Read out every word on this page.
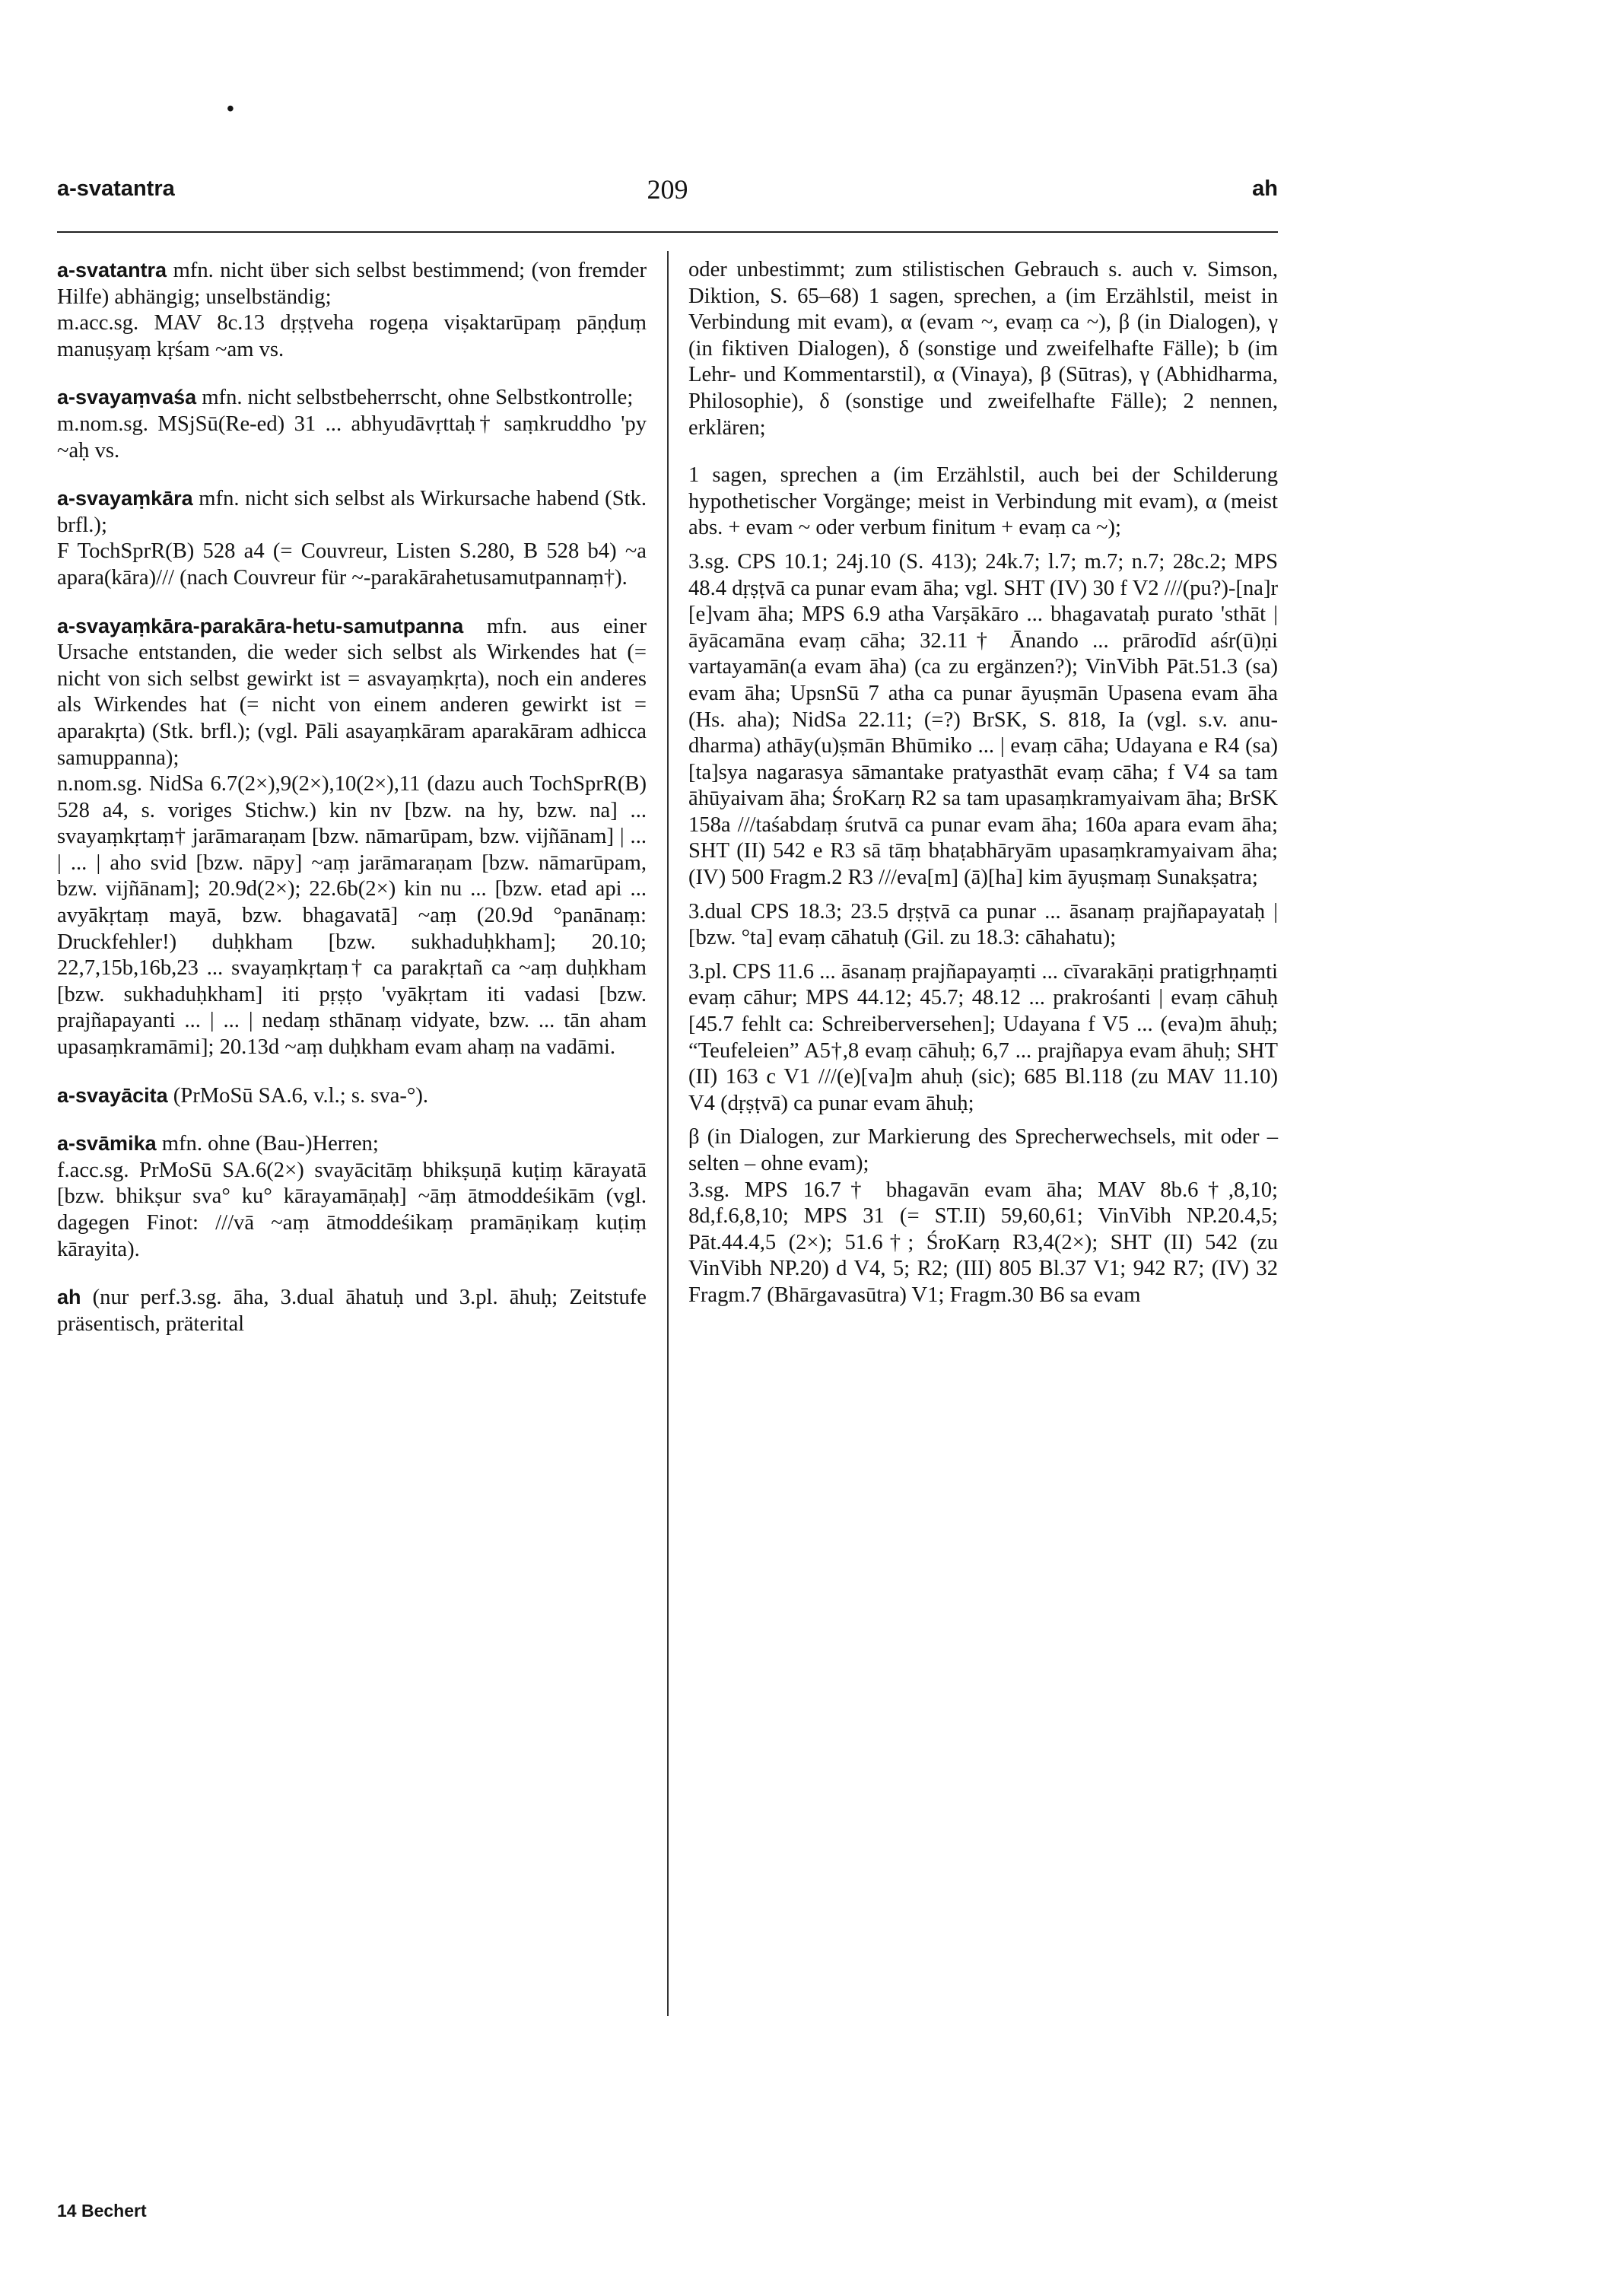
•
a-svatantra	209	ah

a-svatantra mfn. nicht über sich selbst bestimmend; (von fremder Hilfe) abhängig; unselbständig;

m.acc.sg. MAV 8c.13 dṛṣṭveha rogeṇa viṣaktarūpaṃ pāṇḍuṃ manuṣyaṃ kṛśam ~am vs.

a-svayaṃvaśa mfn. nicht selbstbeherrscht, ohne Selbstkontrolle;

m.nom.sg. MSjSū(Re-ed) 31 ... abhyudāvṛttaḥ† saṃkruddho 'py ~aḥ vs.

a-svayaṃkāra mfn. nicht sich selbst als Wirkursache habend (Stk. brfl.);

F TochSprR(B) 528 a4 (= Couvreur, Listen S.280, B 528 b4) ~a apara(kāra)/// (nach Couvreur für ~-parakārahetusamutpannaṃ†).

a-svayaṃkāra-parakāra-hetu-samutpanna mfn. aus einer Ursache entstanden, die weder sich selbst als Wirkendes hat (= nicht von sich selbst gewirkt ist = asvayaṃkṛta), noch ein anderes als Wirkendes hat (= nicht von einem anderen gewirkt ist = aparakṛta) (Stk. brfl.); (vgl. Pāli asayaṃkāram aparakāram adhicca samuppanna);

n.nom.sg. NidSa 6.7(2×),9(2×),10(2×),11 (dazu auch TochSprR(B) 528 a4, s. voriges Stichw.) kin nv [bzw. na hy, bzw. na] ... svayaṃkṛtaṃ† jarāmaraṇam [bzw. nāmarūpam, bzw. vijñānam] | ... | ... | aho svid [bzw. nāpy] ~aṃ jarāmaraṇam [bzw. nāmarūpam, bzw. vijñānam]; 20.9d(2×); 22.6b(2×) kin nu ... [bzw. etad api ... avyākṛtaṃ mayā, bzw. bhagavatā] ~aṃ (20.9d °panānaṃ: Druckfehler!) duḥkham [bzw. sukhaduḥkham]; 20.10; 22,7,15b,16b,23 ... svayaṃkṛtaṃ† ca parakṛtañ ca ~aṃ duḥkham [bzw. sukhaduḥkham] iti pṛṣṭo 'vyākṛtam iti vadasi [bzw. prajñapayanti ... | ... | nedaṃ sthānaṃ vidyate, bzw. ... tān aham upasaṃkramāmi]; 20.13d ~aṃ duḥkham evam ahaṃ na vadāmi.

a-svayācita (PrMoSū SA.6, v.l.; s. sva-°).

a-svāmika mfn. ohne (Bau-)Herren;

f.acc.sg. PrMoSū SA.6(2×) svayācitāṃ bhikṣuṇā kuṭiṃ kārayatā [bzw. bhikṣur sva° ku° kārayamāṇaḥ] ~āṃ ātmoddeśikām (vgl. dagegen Finot: ///vā ~aṃ ātmoddeśikaṃ pramāṇikaṃ kuṭiṃ kārayita).

ah (nur perf.3.sg. āha, 3.dual āhatuḥ und 3.pl. āhuḥ; Zeitstufe präsentisch, präterital

oder unbestimmt; zum stilistischen Gebrauch s. auch v. Simson, Diktion, S. 65–68) 1 sagen, sprechen, a (im Erzählstil, meist in Verbindung mit evam), α (evam ~, evaṃ ca ~), β (in Dialogen), γ (in fiktiven Dialogen), δ (sonstige und zweifelhafte Fälle); b (im Lehr- und Kommentarstil), α (Vinaya), β (Sūtras), γ (Abhidharma, Philosophie), δ (sonstige und zweifelhafte Fälle); 2 nennen, erklären;

1 sagen, sprechen a (im Erzählstil, auch bei der Schilderung hypothetischer Vorgänge; meist in Verbindung mit evam), α (meist abs. + evam ~ oder verbum finitum + evaṃ ca ~);

3.sg. CPS 10.1; 24j.10 (S. 413); 24k.7; l.7; m.7; n.7; 28c.2; MPS 48.4 dṛṣṭvā ca punar evam āha; vgl. SHT (IV) 30 f V2 ///(pu?)-[na]r [e]vam āha; MPS 6.9 atha Varṣākāro ... bhagavataḥ purato 'sthāt | āyācamāna evaṃ cāha; 32.11† Ānando ... prārodīd aśr(ū)ṇi vartayamān(a evam āha) (ca zu ergänzen?); VinVibh Pāt.51.3 (sa) evam āha; UpsnSū 7 atha ca punar āyuṣmān Upasena evam āha (Hs. aha); NidSa 22.11; (=?) BrSK, S. 818, Ia (vgl. s.v. anu-dharma) athāy(u)ṣmān Bhūmiko ... | evaṃ cāha; Udayana e R4 (sa) [ta]sya nagarasya sāmantake pratyasthāt evaṃ cāha; f V4 sa tam āhūyaivam āha; ŚroKarṇ R2 sa tam upasaṃkramyaivam āha; BrSK 158a ///taśabdaṃ śrutvā ca punar evam āha; 160a apara evam āha; SHT (II) 542 e R3 sā tāṃ bhaṭabhāryām upasaṃkramyaivam āha; (IV) 500 Fragm.2 R3 ///eva[m] (ā)[ha] kim āyuṣmaṃ Sunakṣatra;

3.dual CPS 18.3; 23.5 dṛṣṭvā ca punar ... āsanaṃ prajñapayataḥ | [bzw. °ta] evaṃ cāhatuḥ (Gil. zu 18.3: cāhahatu);

3.pl. CPS 11.6 ... āsanaṃ prajñapayaṃti ... cīvarakāṇi pratigṛhṇaṃti evaṃ cāhur; MPS 44.12; 45.7; 48.12 ... prakrośanti | evaṃ cāhuḥ [45.7 fehlt ca: Schreiberversehen]; Udayana f V5 ... (eva)m āhuḥ; “Teufeleien” A5†,8 evaṃ cāhuḥ; 6,7 ... prajñapya evam āhuḥ; SHT (II) 163 c V1 ///(e)[va]m ahuḥ (sic); 685 Bl.118 (zu MAV 11.10) V4 (dṛṣṭvā) ca punar evam āhuḥ;

β (in Dialogen, zur Markierung des Sprecherwechsels, mit oder – selten – ohne evam);

3.sg. MPS 16.7† bhagavān evam āha; MAV 8b.6†,8,10; 8d,f.6,8,10; MPS 31 (= ST.II) 59,60,61; VinVibh NP.20.4,5; Pāt.44.4,5 (2×); 51.6†; ŚroKarṇ R3,4(2×); SHT (II) 542 (zu VinVibh NP.20) d V4, 5; R2; (III) 805 Bl.37 V1; 942 R7; (IV) 32 Fragm.7 (Bhārgavasūtra) V1; Fragm.30 B6 sa evam

14 Bechert
